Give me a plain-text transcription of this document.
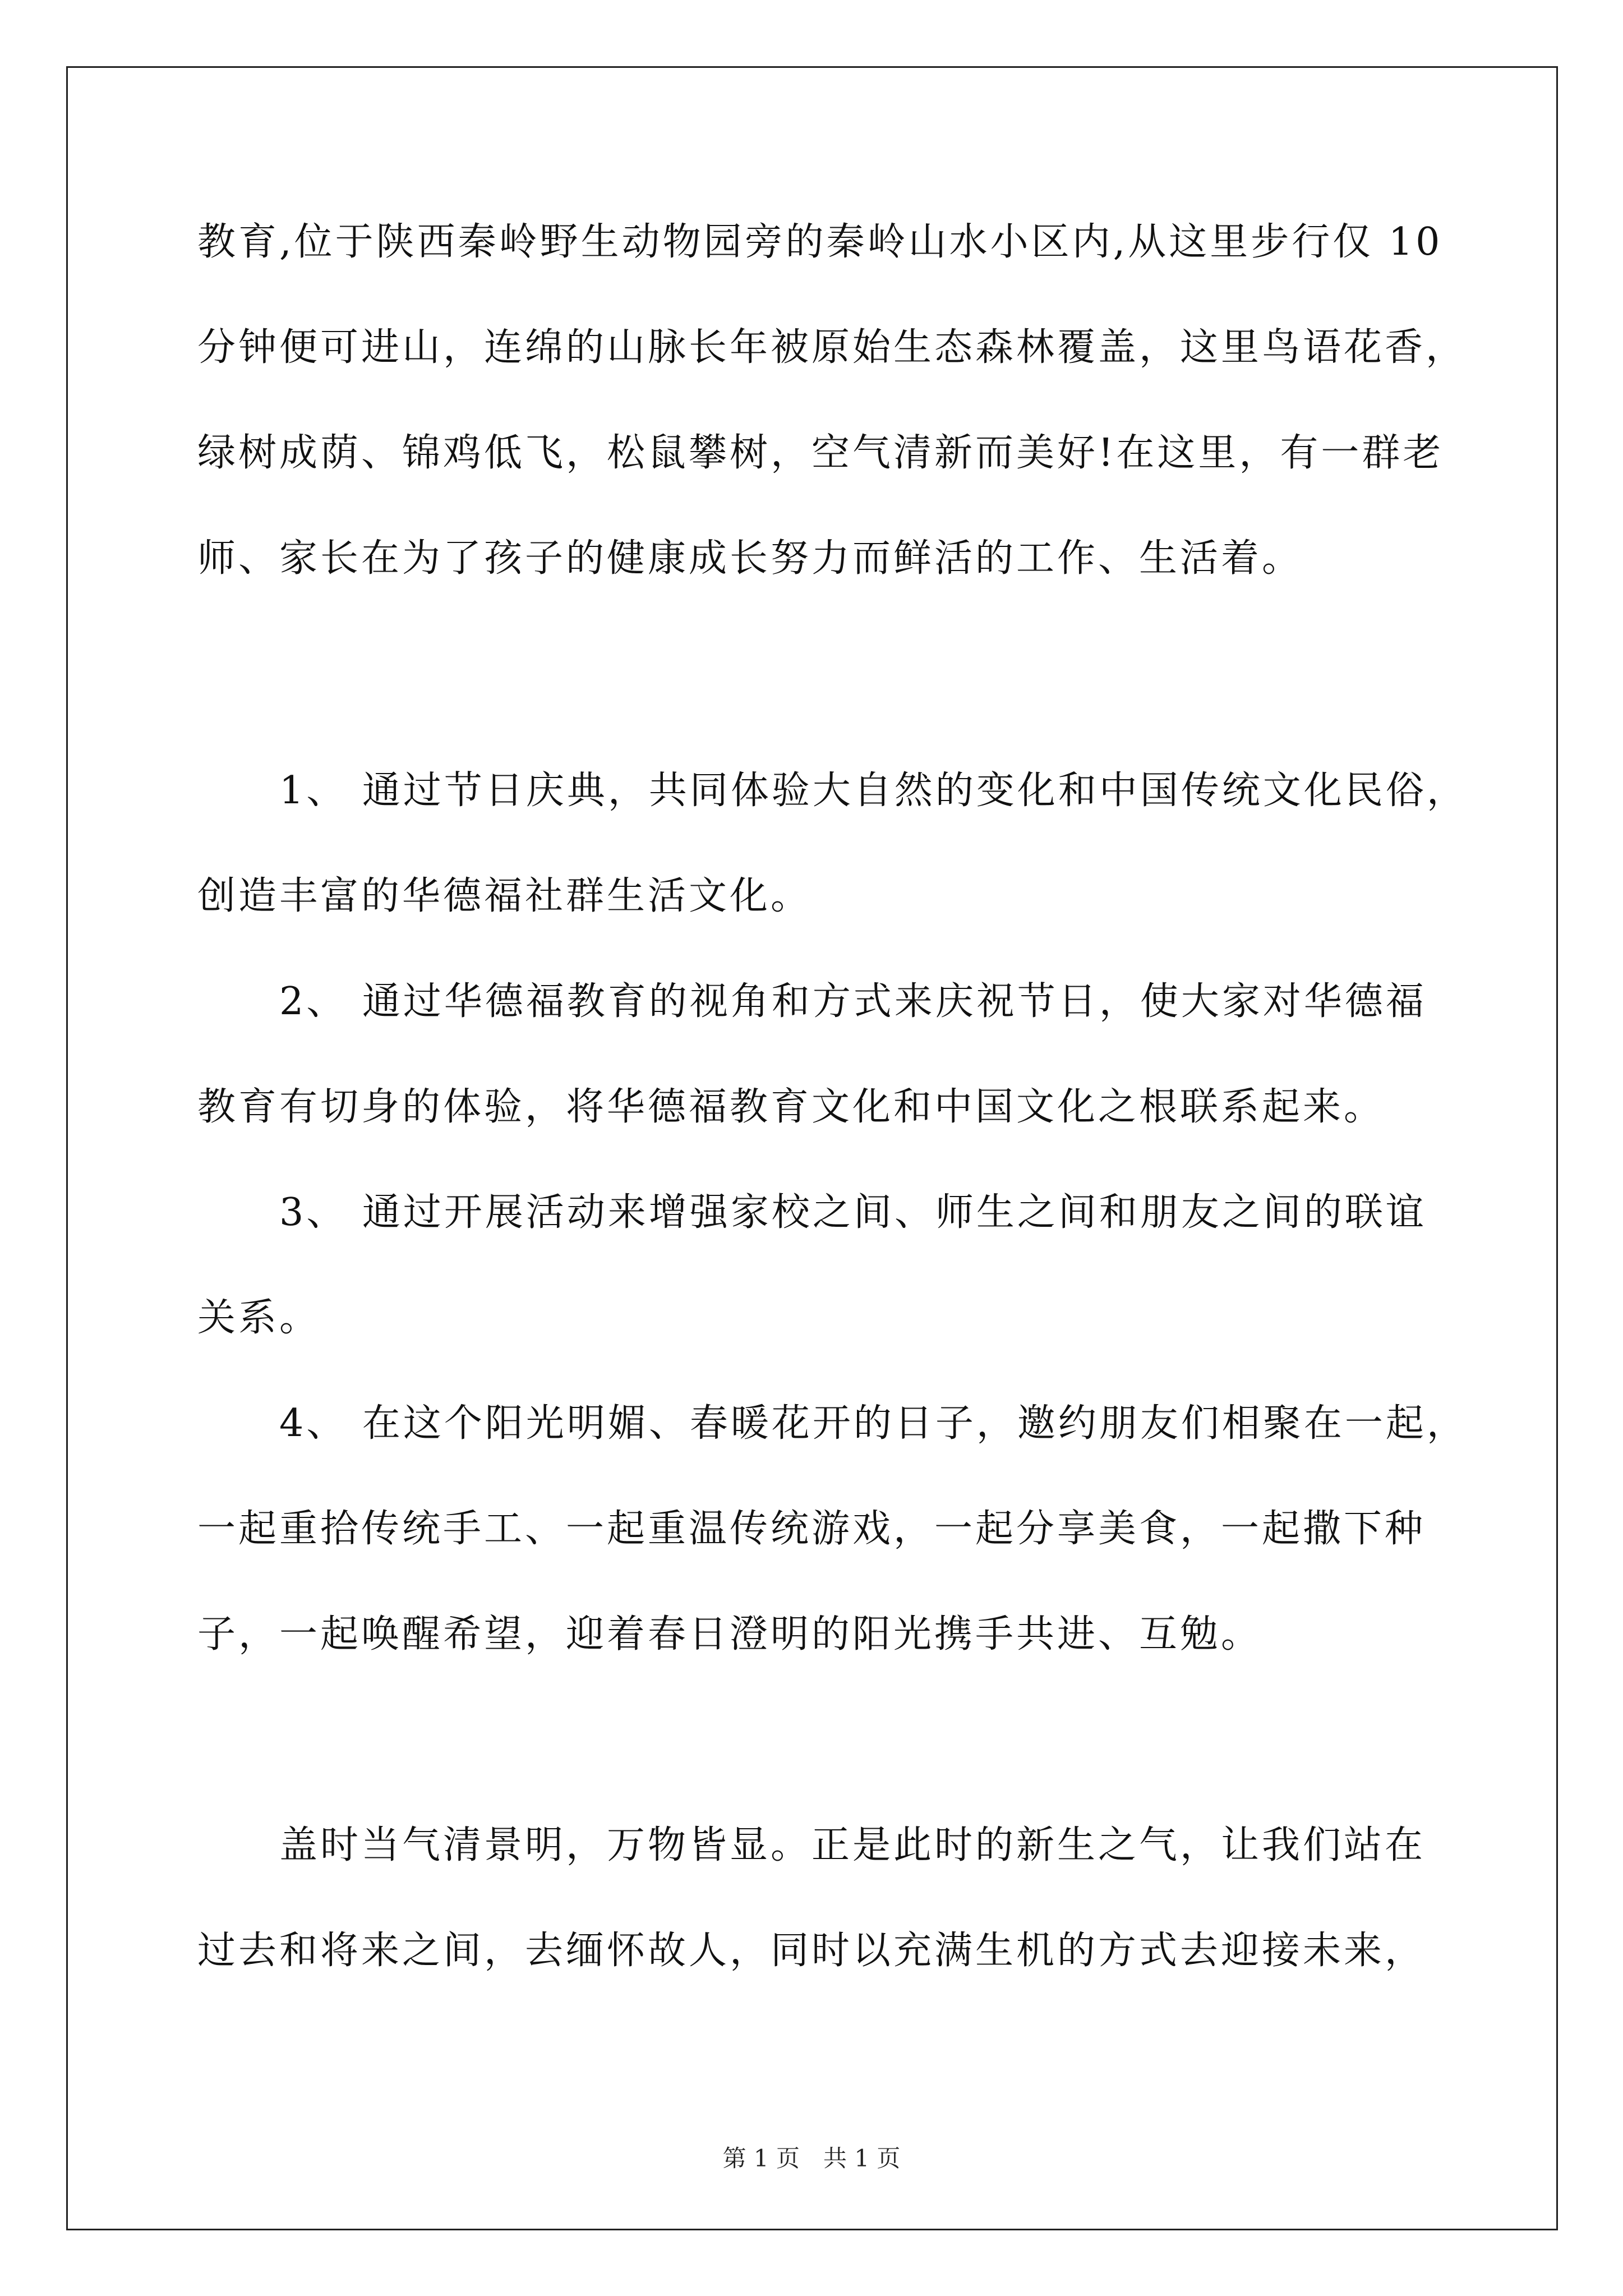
教育,位于陕西秦岭野生动物园旁的秦岭山水小区内,从这里步行仅 10
分钟便可进山，连绵的山脉长年被原始生态森林覆盖，这里鸟语花香，
绿树成荫、锦鸡低飞，松鼠攀树，空气清新而美好!在这里，有一群老
师、家长在为了孩子的健康成长努力而鲜活的工作、生活着。
　　1、 通过节日庆典，共同体验大自然的变化和中国传统文化民俗，
创造丰富的华德福社群生活文化。
　　2、 通过华德福教育的视角和方式来庆祝节日，使大家对华德福
教育有切身的体验，将华德福教育文化和中国文化之根联系起来。
　　3、 通过开展活动来增强家校之间、师生之间和朋友之间的联谊
关系。
　　4、 在这个阳光明媚、春暖花开的日子，邀约朋友们相聚在一起，
一起重拾传统手工、一起重温传统游戏，一起分享美食，一起撒下种
子，一起唤醒希望，迎着春日澄明的阳光携手共进、互勉。
　　盖时当气清景明，万物皆显。正是此时的新生之气，让我们站在
过去和将来之间，去缅怀故人，同时以充满生机的方式去迎接未来，
第 1 页　共 1 页
